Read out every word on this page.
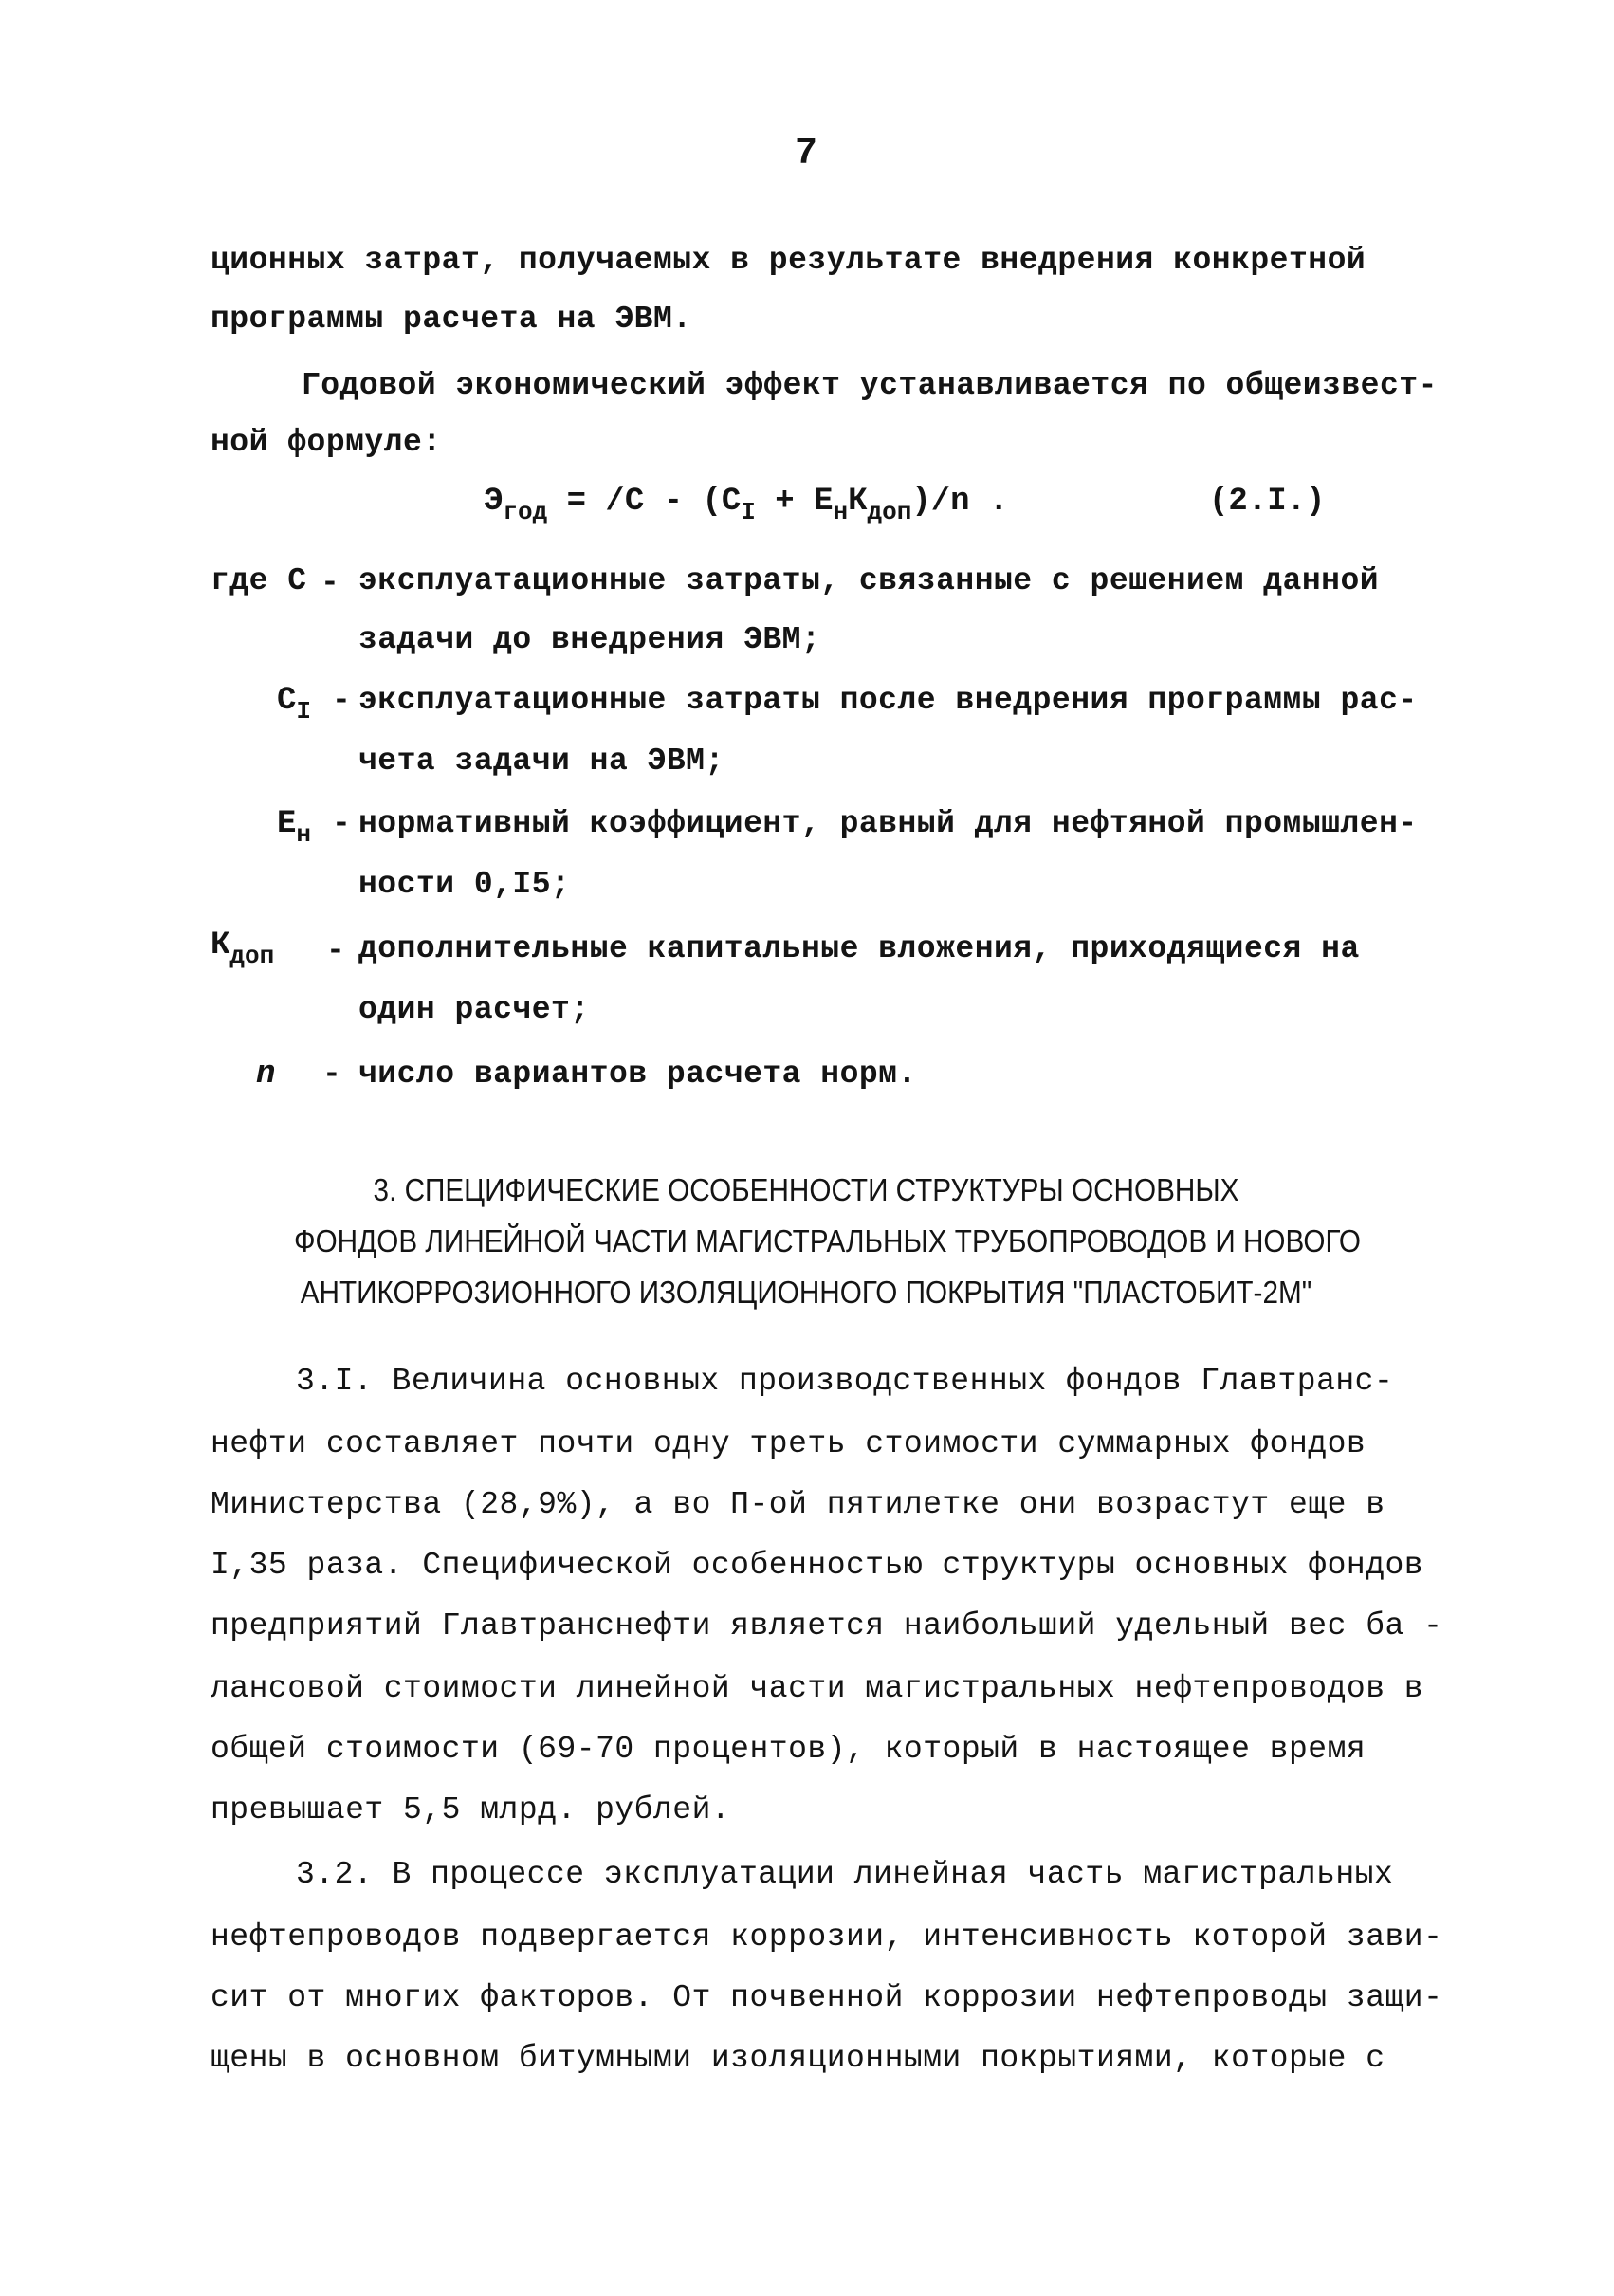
7
ционных затрат, получаемых в результате внедрения конкретной
программы расчета на ЭВМ.
Годовой экономический эффект устанавливается по общеизвест-
ной формуле:
$Э_{год} = /С - (С_I + Е_нК_{доп})/n$ .	(2.I.)
где С - эксплуатационные затраты, связанные с решением данной
задачи до внедрения ЭВМ;
$С_I$ - эксплуатационные затраты после внедрения программы рас-
чета задачи на ЭВМ;
$Е_н$ - нормативный коэффициент, равный для нефтяной промышлен-
ности 0,I5;
$К_{доп}$ - дополнительные капитальные вложения, приходящиеся на
один расчет;
n - число вариантов расчета норм.
3. СПЕЦИФИЧЕСКИЕ ОСОБЕННОСТИ СТРУКТУРЫ ОСНОВНЫХ
ФОНДОВ ЛИНЕЙНОЙ ЧАСТИ МАГИСТРАЛЬНЫХ ТРУБОПРОВОДОВ И НОВОГО
АНТИКОРРОЗИОННОГО ИЗОЛЯЦИОННОГО ПОКРЫТИЯ "ПЛАСТОБИТ-2М"
3.I. Величина основных производственных фондов Главтранс-
нефти составляет почти одну треть стоимости суммарных фондов
Министерства (28,9%), а во П-ой пятилетке они возрастут еще в
I,35 раза. Специфической особенностью структуры основных фондов
предприятий Главтранснефти является наибольший удельный вес ба -
лансовой стоимости линейной части магистральных нефтепроводов в
общей стоимости (69-70 процентов), который в настоящее время
превышает 5,5 млрд. рублей.
3.2. В процессе эксплуатации линейная часть магистральных
нефтепроводов подвергается коррозии, интенсивность которой зави-
сит от многих факторов. От почвенной коррозии нефтепроводы защи-
щены в основном битумными изоляционными покрытиями, которые с
